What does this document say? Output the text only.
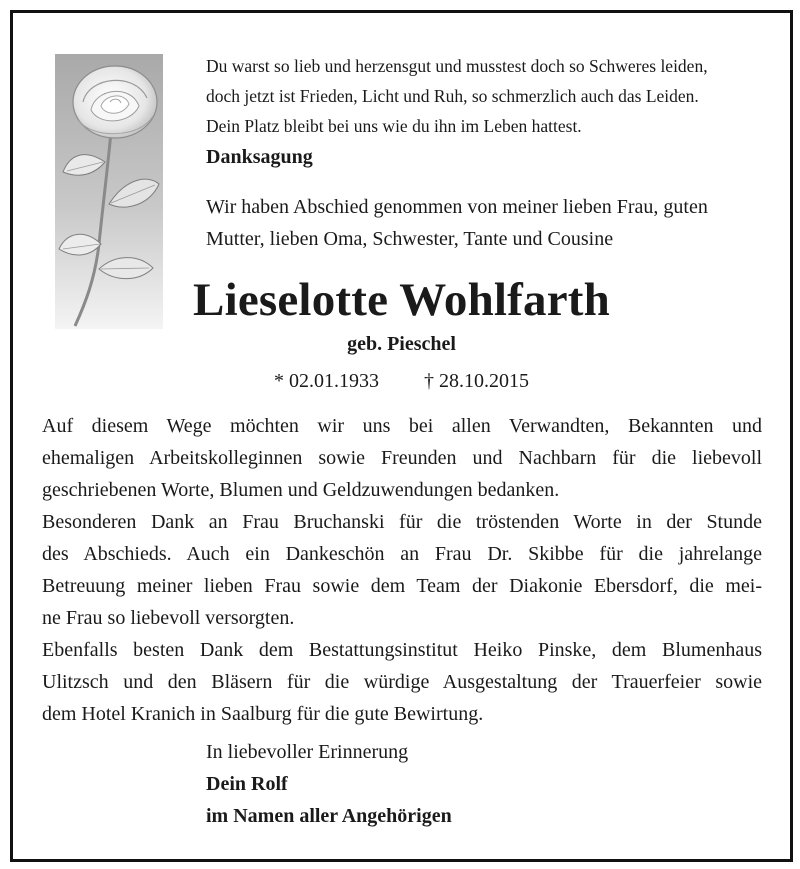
Du warst so lieb und herzensgut und musstest doch so Schweres leiden,
doch jetzt ist Frieden, Licht und Ruh, so schmerzlich auch das Leiden.
Dein Platz bleibt bei uns wie du ihn im Leben hattest.
Danksagung
Wir haben Abschied genommen von meiner lieben Frau, guten
Mutter, lieben Oma, Schwester, Tante und Cousine
Lieselotte Wohlfarth
geb. Pieschel
* 02.01.1933 † 28.10.2015
Auf diesem Wege möchten wir uns bei allen Verwandten, Bekannten und
ehemaligen Arbeitskolleginnen sowie Freunden und Nachbarn für die liebevoll
geschriebenen Worte, Blumen und Geldzuwendungen bedanken.
Besonderen Dank an Frau Bruchanski für die tröstenden Worte in der Stunde
des Abschieds. Auch ein Dankeschön an Frau Dr. Skibbe für die jahrelange
Betreuung meiner lieben Frau sowie dem Team der Diakonie Ebersdorf, die mei-
ne Frau so liebevoll versorgten.
Ebenfalls besten Dank dem Bestattungsinstitut Heiko Pinske, dem Blumenhaus
Ulitzsch und den Bläsern für die würdige Ausgestaltung der Trauerfeier sowie
dem Hotel Kranich in Saalburg für die gute Bewirtung.
In liebevoller Erinnerung
Dein Rolf
im Namen aller Angehörigen
